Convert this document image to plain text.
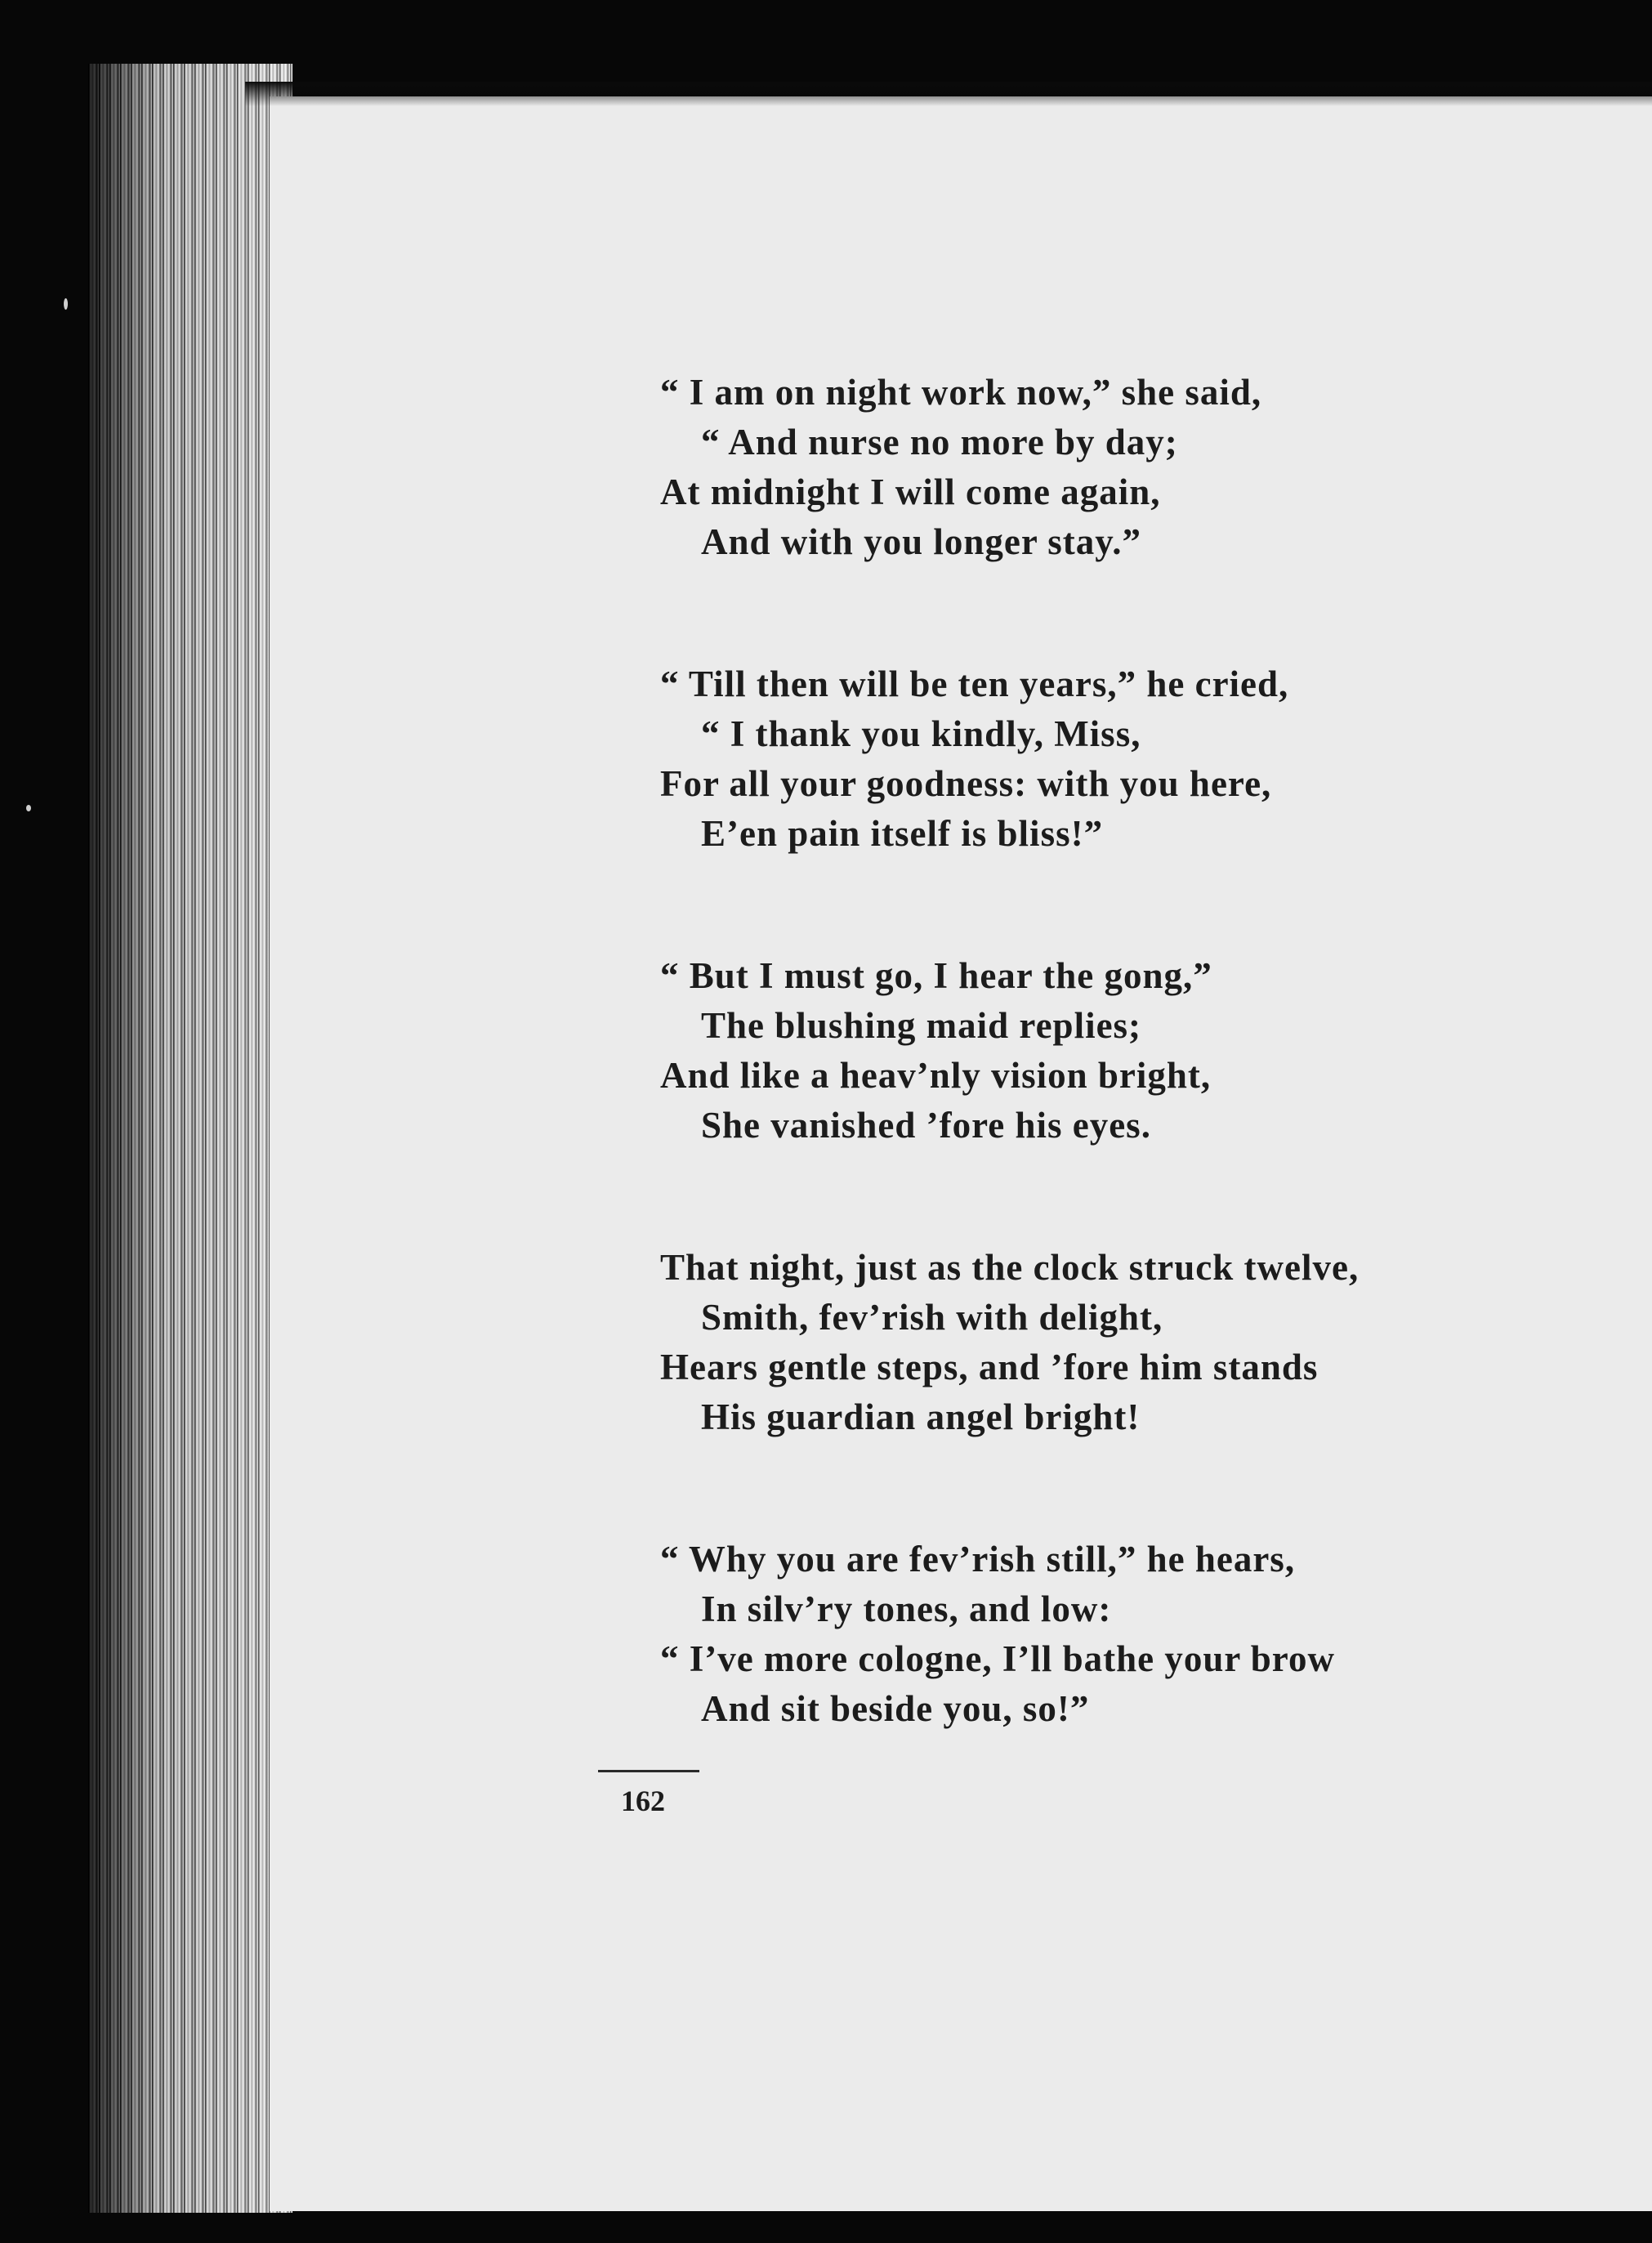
“ I am on night work now,” she said,
“ And nurse no more by day;
At midnight I will come again,
And with you longer stay.”
“ Till then will be ten years,” he cried,
“ I thank you kindly, Miss,
For all your goodness: with you here,
E’en pain itself is bliss!”
“ But I must go, I hear the gong,”
The blushing maid replies;
And like a heav’nly vision bright,
She vanished ’fore his eyes.
That night, just as the clock struck twelve,
Smith, fev’rish with delight,
Hears gentle steps, and ’fore him stands
His guardian angel bright!
“ Why you are fev’rish still,” he hears,
In silv’ry tones, and low:
“ I’ve more cologne, I’ll bathe your brow
And sit beside you, so!”
162
